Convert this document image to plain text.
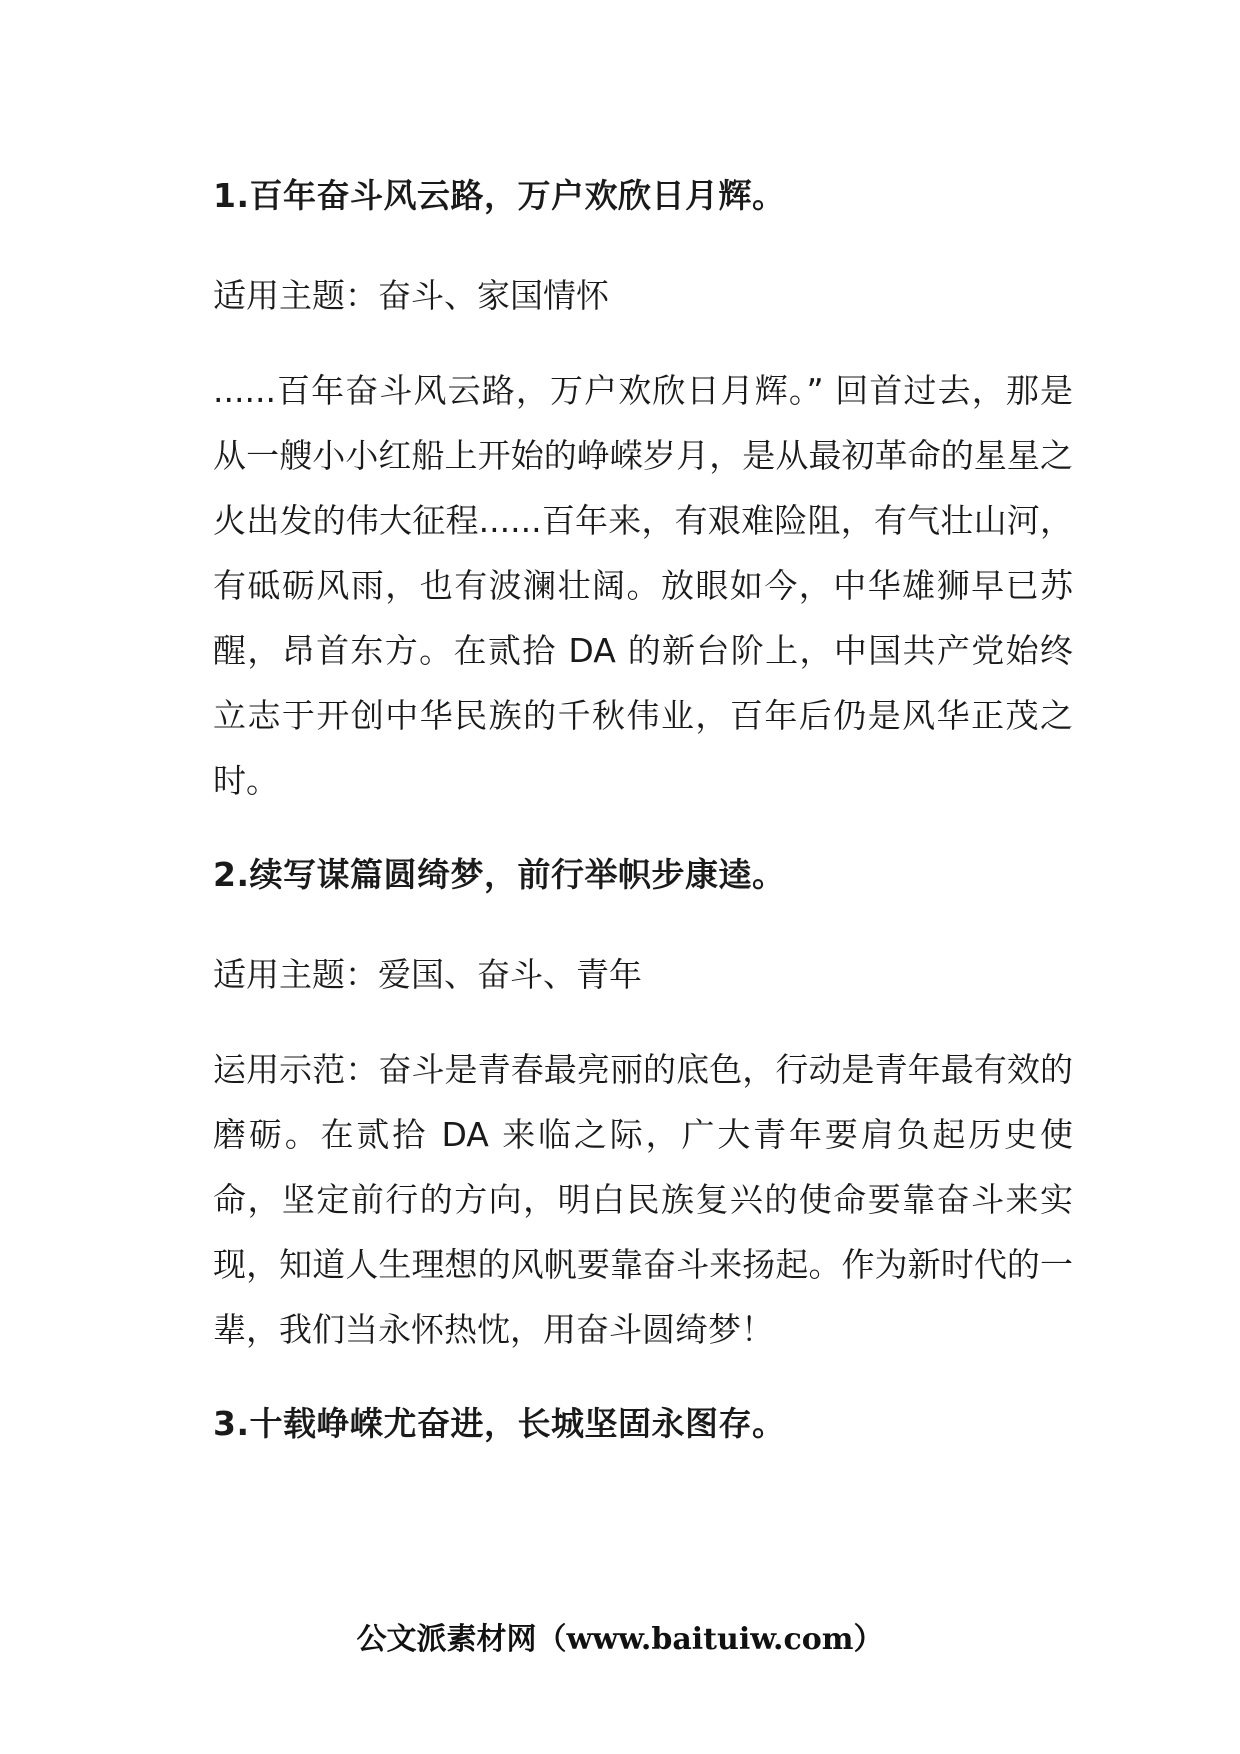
1.百年奋斗风云路，万户欢欣日月辉。

适用主题：奋斗、家国情怀

......百年奋斗风云路，万户欢欣日月辉。” 回首过去，那是从一艘小小红船上开始的峥嵘岁月，是从最初革命的星星之火出发的伟大征程......百年来，有艰难险阻，有气壮山河，有砥砺风雨，也有波澜壮阔。放眼如今，中华雄狮早已苏醒，昂首东方。在贰拾 DA 的新台阶上，中国共产党始终立志于开创中华民族的千秋伟业，百年后仍是风华正茂之时。

2.续写谋篇圆绮梦，前行举帜步康逵。

适用主题：爱国、奋斗、青年

运用示范：奋斗是青春最亮丽的底色，行动是青年最有效的磨砺。在贰拾 DA 来临之际，广大青年要肩负起历史使命，坚定前行的方向，明白民族复兴的使命要靠奋斗来实现，知道人生理想的风帆要靠奋斗来扬起。作为新时代的一辈，我们当永怀热忱，用奋斗圆绮梦！

3.十载峥嵘尤奋进，长城坚固永图存。

公文派素材网（www.baituiw.com）
